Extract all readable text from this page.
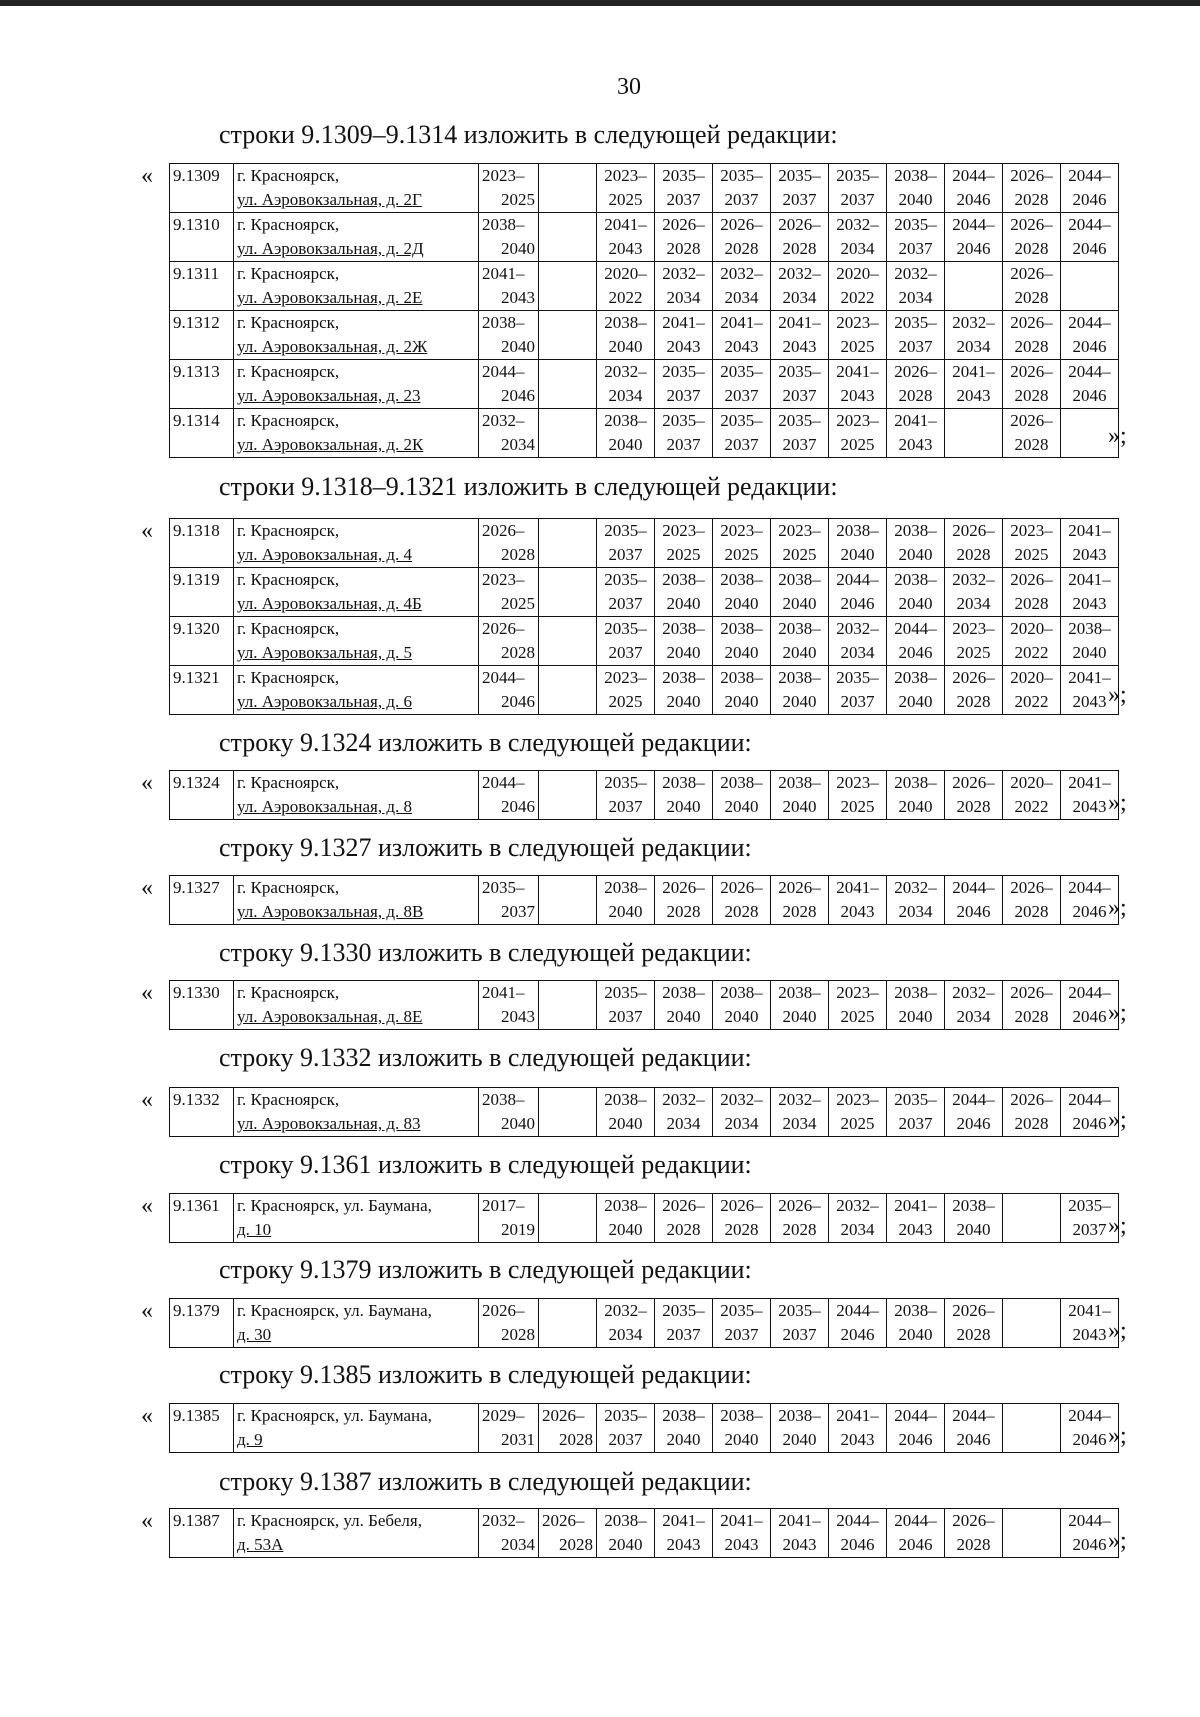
30
строки 9.1309–9.1314 изложить в следующей редакции:
« 9.1309	г. Красноярск,	2023–		2023–	2035–	2035–	2035–	2035–	2038–	2044–	2026–	2044–
	ул. Аэровокзальная, д. 2Г	2025		2025	2037	2037	2037	2037	2040	2046	2028	2046
9.1310	г. Красноярск,	2038–		2041–	2026–	2026–	2026–	2032–	2035–	2044–	2026–	2044–
	ул. Аэровокзальная, д. 2Д	2040		2043	2028	2028	2028	2034	2037	2046	2028	2046
9.1311	г. Красноярск,	2041–		2020–	2032–	2032–	2032–	2020–	2032–		2026–	
	ул. Аэровокзальная, д. 2Е	2043		2022	2034	2034	2034	2022	2034		2028	
9.1312	г. Красноярск,	2038–		2038–	2041–	2041–	2041–	2023–	2035–	2032–	2026–	2044–
	ул. Аэровокзальная, д. 2Ж	2040		2040	2043	2043	2043	2025	2037	2034	2028	2046
9.1313	г. Красноярск,	2044–		2032–	2035–	2035–	2035–	2041–	2026–	2041–	2026–	2044–
	ул. Аэровокзальная, д. 23	2046		2034	2037	2037	2037	2043	2028	2043	2028	2046
9.1314	г. Красноярск,	2032–		2038–	2035–	2035–	2035–	2023–	2041–		2026–	
	ул. Аэровокзальная, д. 2К	2034		2040	2037	2037	2037	2025	2043		2028	»;
строки 9.1318–9.1321 изложить в следующей редакции:
« 9.1318	г. Красноярск,	2026–		2035–	2023–	2023–	2023–	2038–	2038–	2026–	2023–	2041–
	ул. Аэровокзальная, д. 4	2028		2037	2025	2025	2025	2040	2040	2028	2025	2043
9.1319	г. Красноярск,	2023–		2035–	2038–	2038–	2038–	2044–	2038–	2032–	2026–	2041–
	ул. Аэровокзальная, д. 4Б	2025		2037	2040	2040	2040	2046	2040	2034	2028	2043
9.1320	г. Красноярск,	2026–		2035–	2038–	2038–	2038–	2032–	2044–	2023–	2020–	2038–
	ул. Аэровокзальная, д. 5	2028		2037	2040	2040	2040	2034	2046	2025	2022	2040
9.1321	г. Красноярск,	2044–		2023–	2038–	2038–	2038–	2035–	2038–	2026–	2020–	2041–
	ул. Аэровокзальная, д. 6	2046		2025	2040	2040	2040	2037	2040	2028	2022	2043 »;
строку 9.1324 изложить в следующей редакции:
« 9.1324	г. Красноярск,	2044–		2035–	2038–	2038–	2038–	2023–	2038–	2026–	2020–	2041–
	ул. Аэровокзальная, д. 8	2046		2037	2040	2040	2040	2025	2040	2028	2022	2043 »;
строку 9.1327 изложить в следующей редакции:
« 9.1327	г. Красноярск,	2035–		2038–	2026–	2026–	2026–	2041–	2032–	2044–	2026–	2044–
	ул. Аэровокзальная, д. 8В	2037		2040	2028	2028	2028	2043	2034	2046	2028	2046 »;
строку 9.1330 изложить в следующей редакции:
« 9.1330	г. Красноярск,	2041–		2035–	2038–	2038–	2038–	2023–	2038–	2032–	2026–	2044–
	ул. Аэровокзальная, д. 8Е	2043		2037	2040	2040	2040	2025	2040	2034	2028	2046 »;
строку 9.1332 изложить в следующей редакции:
« 9.1332	г. Красноярск,	2038–		2038–	2032–	2032–	2032–	2023–	2035–	2044–	2026–	2044–
	ул. Аэровокзальная, д. 83	2040		2040	2034	2034	2034	2025	2037	2046	2028	2046 »;
строку 9.1361 изложить в следующей редакции:
« 9.1361	г. Красноярск, ул. Баумана,	2017–		2038–	2026–	2026–	2026–	2032–	2041–	2038–		2035–
	д. 10	2019		2040	2028	2028	2028	2034	2043	2040		2037 »;
строку 9.1379 изложить в следующей редакции:
« 9.1379	г. Красноярск, ул. Баумана,	2026–		2032–	2035–	2035–	2035–	2044–	2038–	2026–		2041–
	д. 30	2028		2034	2037	2037	2037	2046	2040	2028		2043 »;
строку 9.1385 изложить в следующей редакции:
« 9.1385	г. Красноярск, ул. Баумана,	2029–	2026–	2035–	2038–	2038–	2038–	2041–	2044–	2044–		2044–
	д. 9	2031	2028	2037	2040	2040	2040	2043	2046	2046		2046 »;
строку 9.1387 изложить в следующей редакции:
« 9.1387	г. Красноярск, ул. Бебеля,	2032–	2026–	2038–	2041–	2041–	2041–	2044–	2044–	2026–		2044–
	д. 53А	2034	2028	2040	2043	2043	2043	2046	2046	2028		2046 »;
